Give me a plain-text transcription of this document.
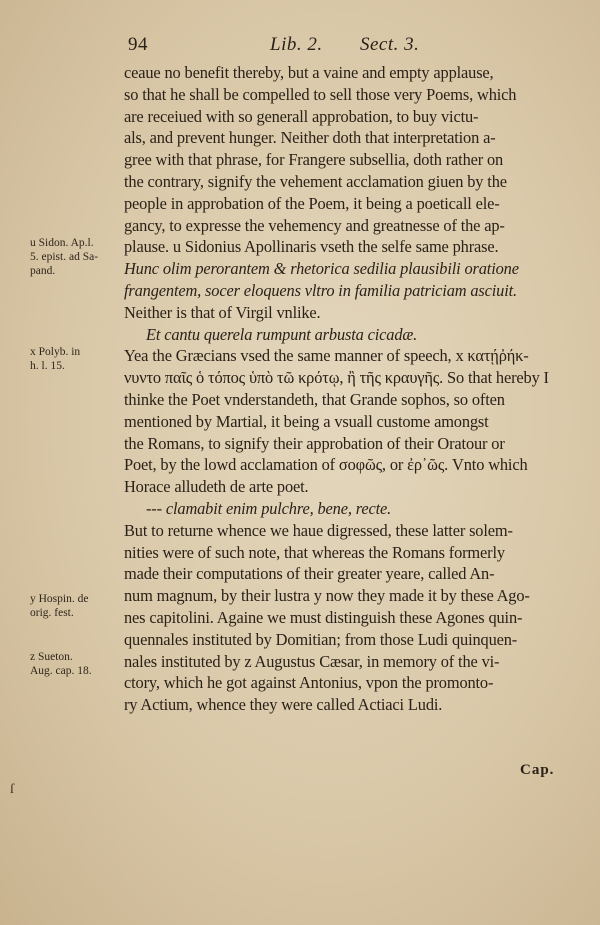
94	Lib. 2. Sect. 3.
ceaue no benefit thereby, but a vaine and empty applause,
so that he shall be compelled to sell those very Poems, which
are receiued with so generall approbation, to buy victu-
als, and prevent hunger. Neither doth that interpretation a-
gree with that phrase, for Frangere subsellia, doth rather on
the contrary, signify the vehement acclamation giuen by the
people in approbation of the Poem, it being a poeticall ele-
gancy, to expresse the vehemency and greatnesse of the ap-
plause. u Sidonius Apollinaris vseth the selfe same phrase.
Hunc olim perorantem & rhetorica sedilia plausibili oratione
frangentem, socer eloquens vltro in familia patriciam asciuit.
Neither is that of Virgil vnlike.
Et cantu querela rumpunt arbusta cicadæ.
Yea the Græcians vsed the same manner of speech, x κατῄῤήκ-
νυντο παῖς ὁ τόπος ὑπὸ τῶ κρότῳ, ἢ τῆς κραυγῆς. So that hereby I
thinke the Poet vnderstandeth, that Grande sophos, so often
mentioned by Martial, it being a vsuall custome amongst
the Romans, to signify their approbation of their Oratour or
Poet, by the lowd acclamation of σοφῶς, or ἐρ᾽ῶς. Vnto which
Horace alludeth de arte poet.
--- clamabit enim pulchre, bene, recte.
But to returne whence we haue digressed, these latter solem-
nities were of such note, that whereas the Romans formerly
made their computations of their greater yeare, called An-
num magnum, by their lustra y now they made it by these Ago-
nes capitolini. Againe we must distinguish these Agones quin-
quennales instituted by Domitian; from those Ludi quinquen-
nales instituted by z Augustus Cæsar, in memory of the vi-
ctory, which he got against Antonius, vpon the promonto-
ry Actium, whence they were called Actiaci Ludi.
u Sidon. Ap.l.
5. epist. ad Sa-
pand.
x Polyb. in
h. l. 15.
y Hospin. de
orig. fest.
z Sueton.
Aug. cap. 18.
Cap.
ſ
